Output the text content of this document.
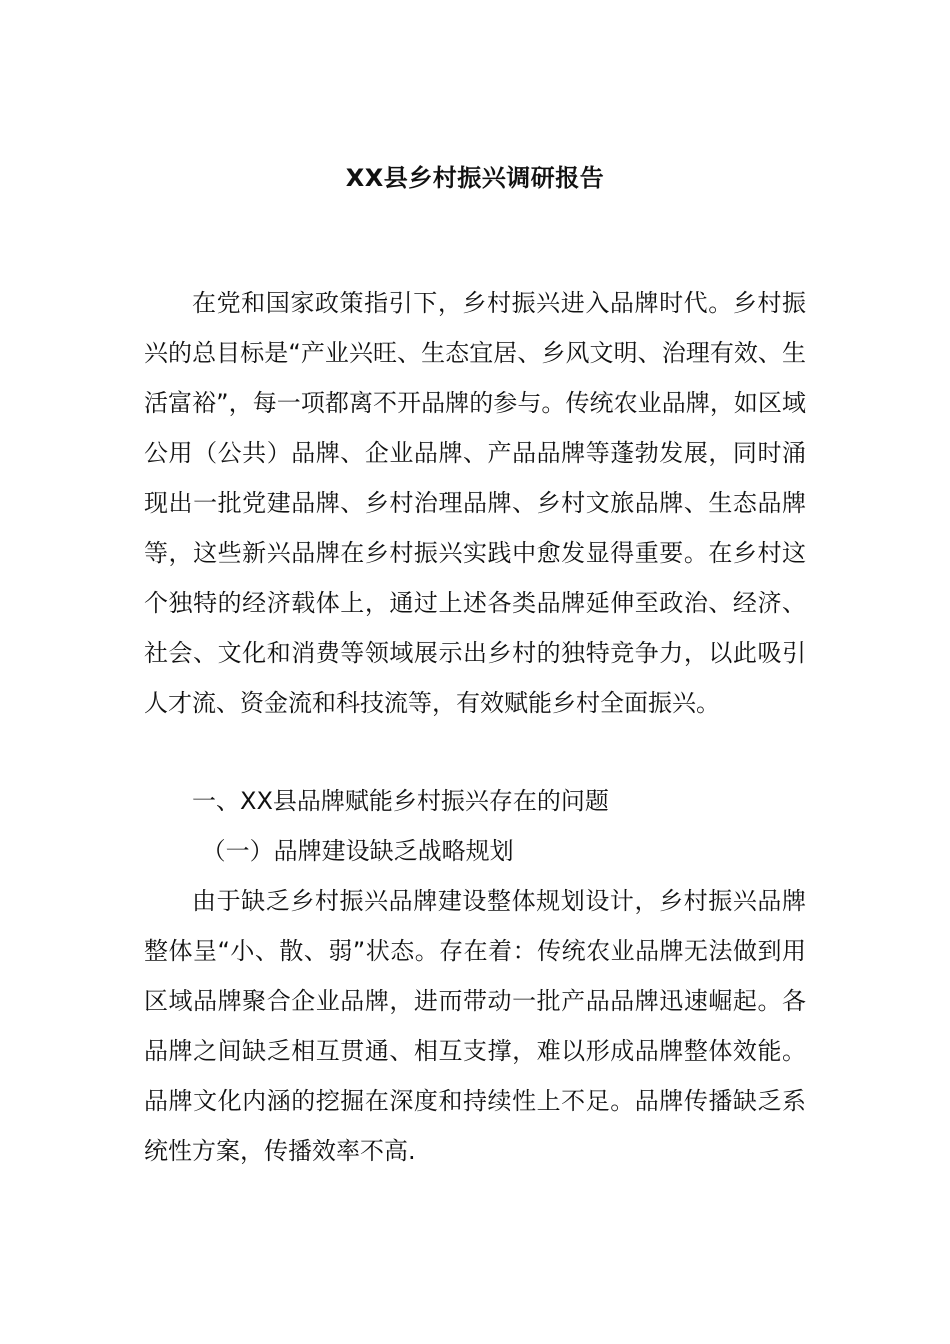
XX县乡村振兴调研报告

在党和国家政策指引下，乡村振兴进入品牌时代。乡村振兴的总目标是“产业兴旺、生态宜居、乡风文明、治理有效、生活富裕”，每一项都离不开品牌的参与。传统农业品牌，如区域公用（公共）品牌、企业品牌、产品品牌等蓬勃发展，同时涌现出一批党建品牌、乡村治理品牌、乡村文旅品牌、生态品牌等，这些新兴品牌在乡村振兴实践中愈发显得重要。在乡村这个独特的经济载体上，通过上述各类品牌延伸至政治、经济、社会、文化和消费等领域展示出乡村的独特竞争力，以此吸引人才流、资金流和科技流等，有效赋能乡村全面振兴。

一、XX县品牌赋能乡村振兴存在的问题
（一）品牌建设缺乏战略规划

由于缺乏乡村振兴品牌建设整体规划设计，乡村振兴品牌整体呈“小、散、弱”状态。存在着：传统农业品牌无法做到用区域品牌聚合企业品牌，进而带动一批产品品牌迅速崛起。各品牌之间缺乏相互贯通、相互支撑，难以形成品牌整体效能。品牌文化内涵的挖掘在深度和持续性上不足。品牌传播缺乏系统性方案，传播效率不高.
